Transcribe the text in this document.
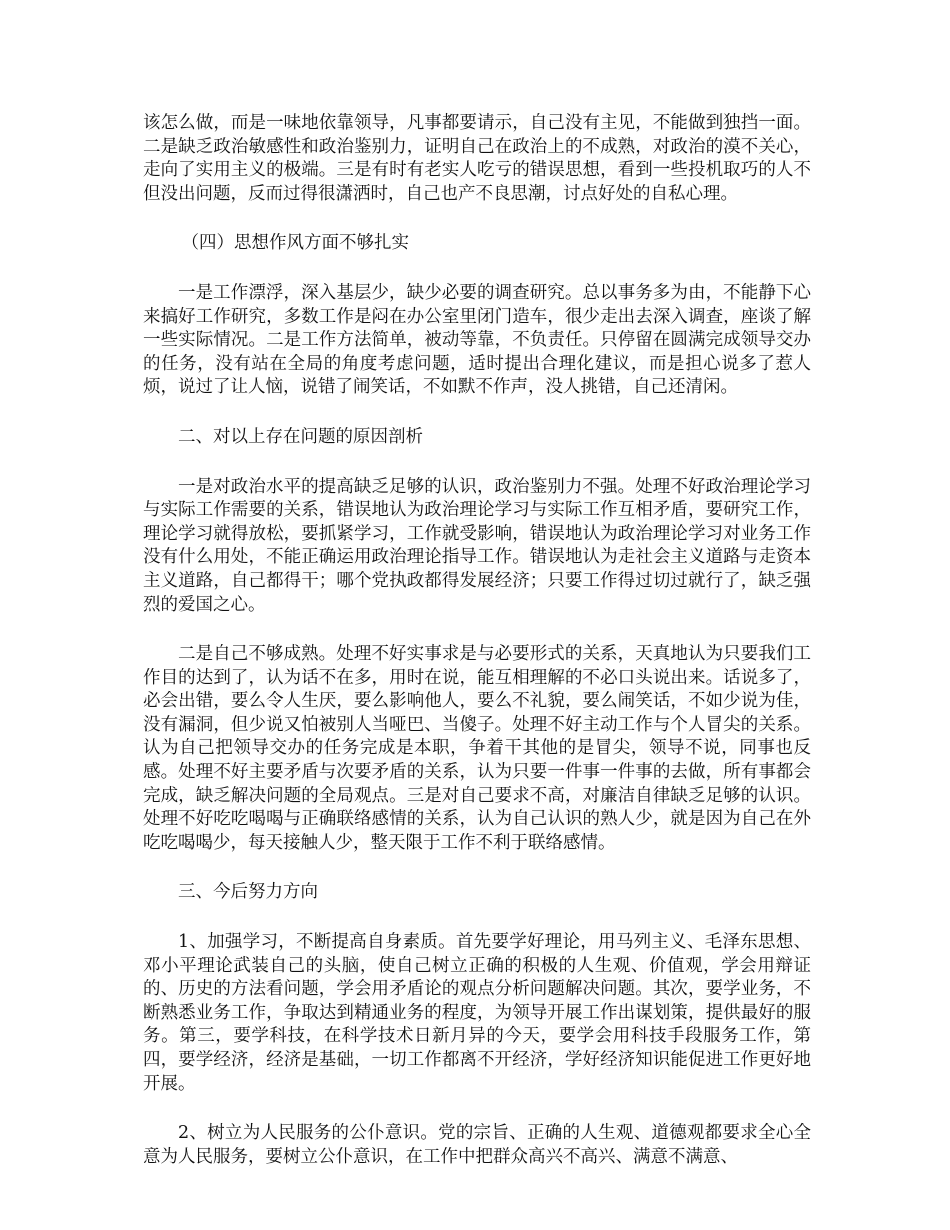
该怎么做，而是一味地依靠领导，凡事都要请示，自己没有主见，不能做到独挡一面。二是缺乏政治敏感性和政治鉴别力，证明自己在政治上的不成熟，对政治的漠不关心，走向了实用主义的极端。三是有时有老实人吃亏的错误思想，看到一些投机取巧的人不但没出问题，反而过得很潇洒时，自己也产不良思潮，讨点好处的自私心理。

（四）思想作风方面不够扎实

一是工作漂浮，深入基层少，缺少必要的调查研究。总以事务多为由，不能静下心来搞好工作研究，多数工作是闷在办公室里闭门造车，很少走出去深入调查，座谈了解一些实际情况。二是工作方法简单，被动等靠，不负责任。只停留在圆满完成领导交办的任务，没有站在全局的角度考虑问题，适时提出合理化建议，而是担心说多了惹人烦，说过了让人恼，说错了闹笑话，不如默不作声，没人挑错，自己还清闲。

二、对以上存在问题的原因剖析

一是对政治水平的提高缺乏足够的认识，政治鉴别力不强。处理不好政治理论学习与实际工作需要的关系，错误地认为政治理论学习与实际工作互相矛盾，要研究工作，理论学习就得放松，要抓紧学习，工作就受影响，错误地认为政治理论学习对业务工作没有什么用处，不能正确运用政治理论指导工作。错误地认为走社会主义道路与走资本主义道路，自己都得干；哪个党执政都得发展经济；只要工作得过切过就行了，缺乏强烈的爱国之心。

二是自己不够成熟。处理不好实事求是与必要形式的关系，天真地认为只要我们工作目的达到了，认为话不在多，用时在说，能互相理解的不必口头说出来。话说多了，必会出错，要么令人生厌，要么影响他人，要么不礼貌，要么闹笑话，不如少说为佳，没有漏洞，但少说又怕被别人当哑巴、当傻子。处理不好主动工作与个人冒尖的关系。认为自己把领导交办的任务完成是本职，争着干其他的是冒尖，领导不说，同事也反感。处理不好主要矛盾与次要矛盾的关系，认为只要一件事一件事的去做，所有事都会完成，缺乏解决问题的全局观点。三是对自己要求不高，对廉洁自律缺乏足够的认识。处理不好吃吃喝喝与正确联络感情的关系，认为自己认识的熟人少，就是因为自己在外吃吃喝喝少，每天接触人少，整天限于工作不利于联络感情。

三、今后努力方向

1、加强学习，不断提高自身素质。首先要学好理论，用马列主义、毛泽东思想、邓小平理论武装自己的头脑，使自己树立正确的积极的人生观、价值观，学会用辩证的、历史的方法看问题，学会用矛盾论的观点分析问题解决问题。其次，要学业务，不断熟悉业务工作，争取达到精通业务的程度，为领导开展工作出谋划策，提供最好的服务。第三，要学科技，在科学技术日新月异的今天，要学会用科技手段服务工作，第四，要学经济，经济是基础，一切工作都离不开经济，学好经济知识能促进工作更好地开展。

2、树立为人民服务的公仆意识。党的宗旨、正确的人生观、道德观都要求全心全意为人民服务，要树立公仆意识，在工作中把群众高兴不高兴、满意不满意、
